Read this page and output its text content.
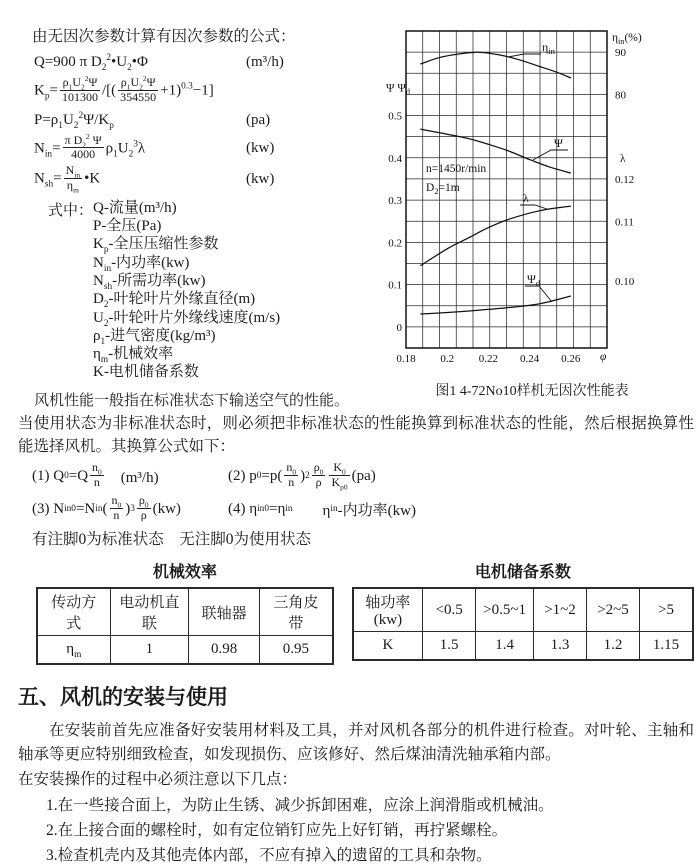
由无因次参数计算有因次参数的公式：
Q=900 π $D_2^2•U_2•\Phi$	(m³/h)
$K_p= \frac{\rho_1U_2^2\Psi}{101300}$ /[( $\frac{\rho_1U_2^2\Psi}{354550} +1)^{0.3}-1$]
$P=\rho_1U_2^2\Psi/K_p$	(pa)
$N_{in}= \frac{\pi D_2^2 \Psi}{4000} \rho_1U_2^3\lambda$	(kw)
$N_{sh}= \frac{N_{in}}{\eta_m}$ •K	(kw)
式中： Q-流量(m³/h)
P-全压(Pa)
$K_p-$全压压缩性参数
$N_{in}-$内功率(kw)
$N_{sh}-$所需功率(kw)
$D_2-$叶轮叶片外缘直径(m)
$U_2-$叶轮叶片外缘线速度(m/s)
$\rho_1-$进气密度(kg/m³)
$\eta_m-$机械效率
K-电机储备系数
风机性能一般指在标准状态下输送空气的性能。
0.18 0.2 0.22 0.24 0.26 φ
0.5
0.4
0.3
0.2
0.1
0
Ψ $\Psi_d$
$\eta_{in}(\%)$
90
80
λ
0.12
0.11
0.10
n=1450r/min
$D_2=1m$
$\eta_{in}$
Ψ
λ
$\Psi_d$
图1 4-72No10样机无因次性能表
当使用状态为非标准状态时，则必须把非标准状态的性能换算到标准状态的性能，然后根据换算性能选择风机。其换算公式如下：
(1) Q $0 =Q \frac{n_0}{n}$ 　(m³/h)	(2) p $0 =p( \frac{n_0}{n}$ ) $2 \frac{\rho_0}{\rho} \frac{K_0}{K_{p0}} (pa)$
(3) N in0 =N in ( $\frac{n_0}{n}$ ) $3 \frac{\rho_0}{\rho} (kw)$	(4) η in0 =η in 　　η in -内功率(kw)
有注脚0为标准状态　无注脚0为使用状态
机械效率
传动方式	电动机直联	联轴器	三角皮带
$\eta_m$	1	0.98	0.95
电机储备系数
轴功率(kw)	<0.5	>0.5~1	>1~2	>2~5	>5
K	1.5	1.4	1.3	1.2	1.15
五、风机的安装与使用
在安装前首先应准备好安装用材料及工具，并对风机各部分的机件进行检查。对叶轮、主轴和轴承等更应特别细致检查，如发现损伤、应该修好、然后煤油清洗轴承箱内部。
在安装操作的过程中必须注意以下几点：
1.在一些接合面上，为防止生锈、减少拆卸困难，应涂上润滑脂或机械油。
2.在上接合面的螺栓时，如有定位销钉应先上好钉销，再拧紧螺栓。
3.检查机壳内及其他壳体内部，不应有掉入的遗留的工具和杂物。
